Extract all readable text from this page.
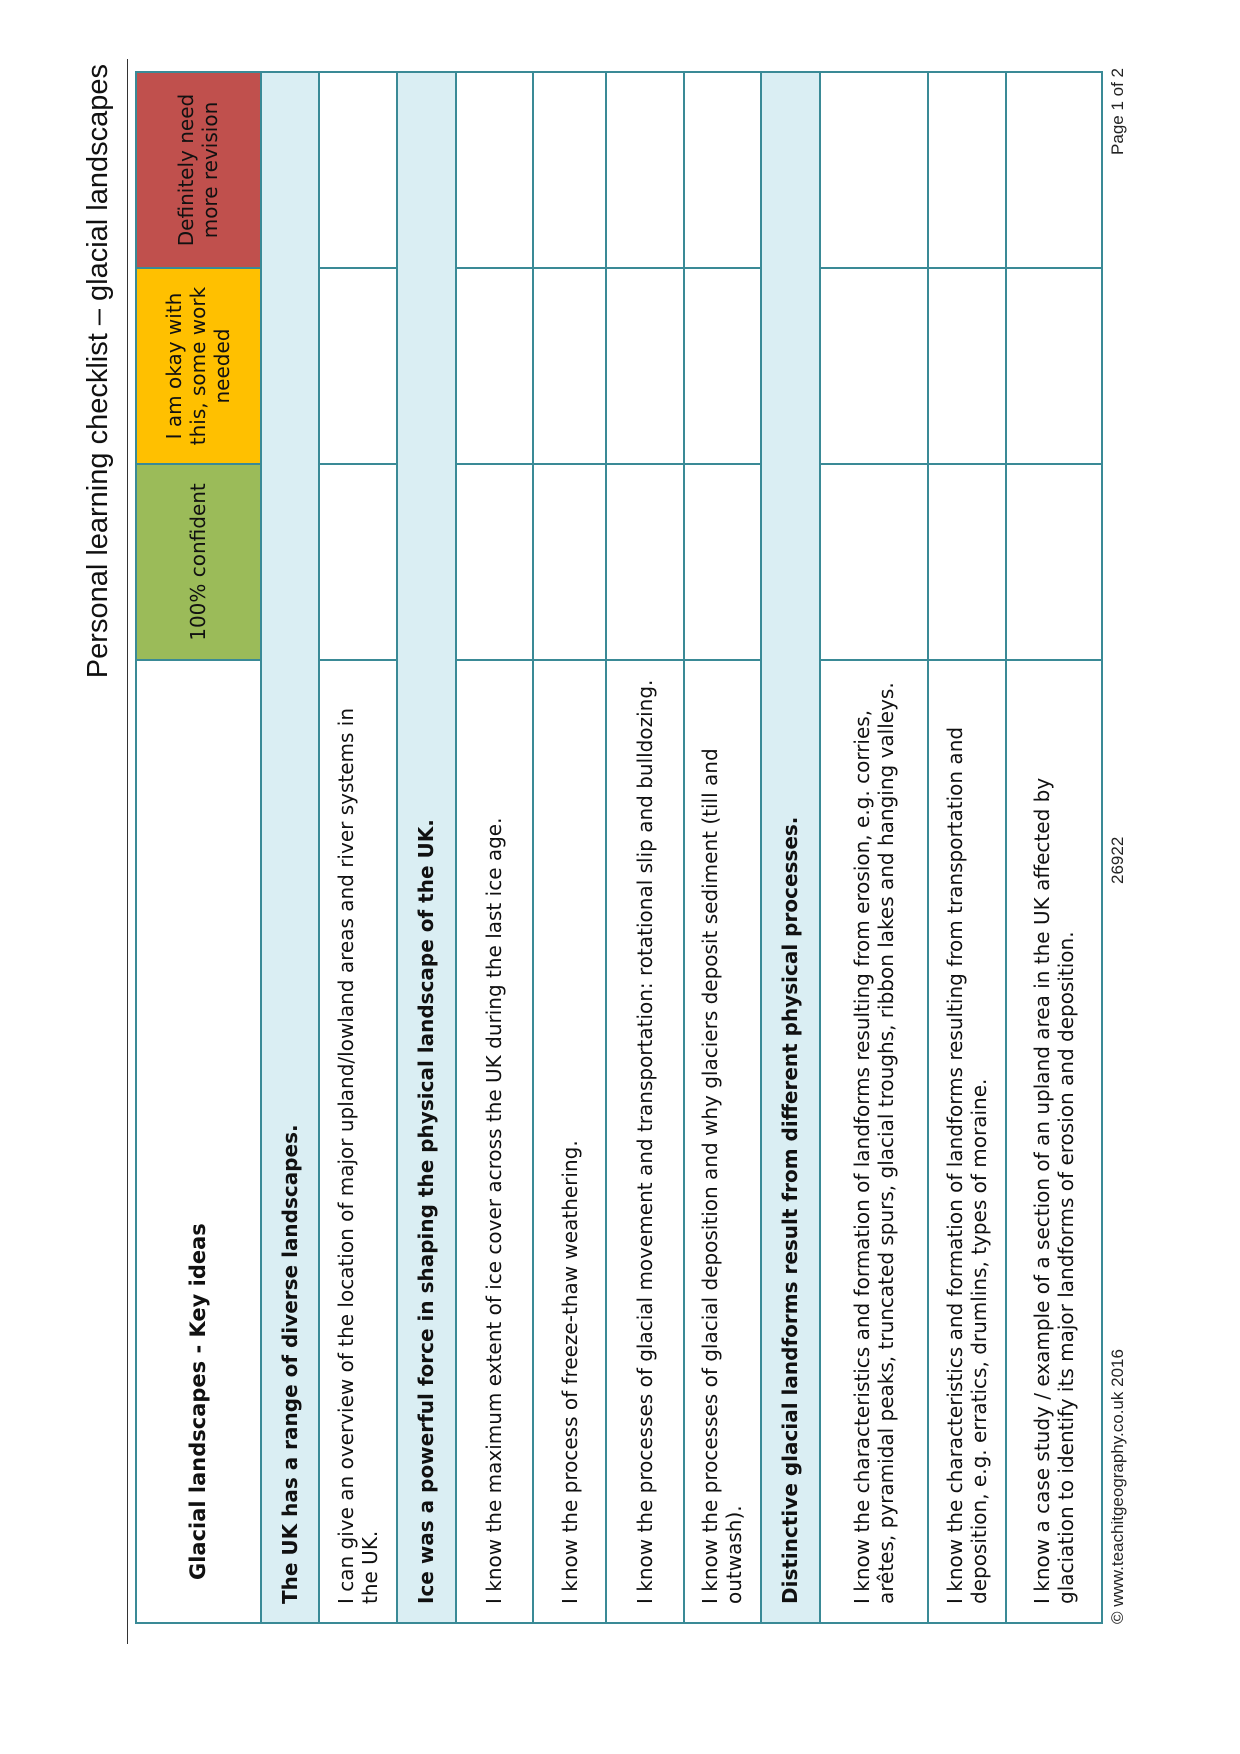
Personal learning checklist – glacial landscapes
Glacial landscapes - Key ideas	100% confident	I am okay with this, some work needed	Definitely need more revision
The UK has a range of diverse landscapes.			
I can give an overview of the location of major upland/lowland areas and river systems in the UK.			
Ice was a powerful force in shaping the physical landscape of the UK.			
I know the maximum extent of ice cover across the UK during the last ice age.			
I know the process of freeze-thaw weathering.			
I know the processes of glacial movement and transportation: rotational slip and bulldozing.			
I know the processes of glacial deposition and why glaciers deposit sediment (till and outwash).			
Distinctive glacial landforms result from different physical processes.			
I know the characteristics and formation of landforms resulting from erosion, e.g. corries, arêtes, pyramidal peaks, truncated spurs, glacial troughs, ribbon lakes and hanging valleys.			
I know the characteristics and formation of landforms resulting from transportation and deposition, e.g. erratics, drumlins, types of moraine.			
I know a case study / example of a section of an upland area in the UK affected by glaciation to identify its major landforms of erosion and deposition.			© www.teachitgeography.co.uk 2016
26922
Page 1 of 2
